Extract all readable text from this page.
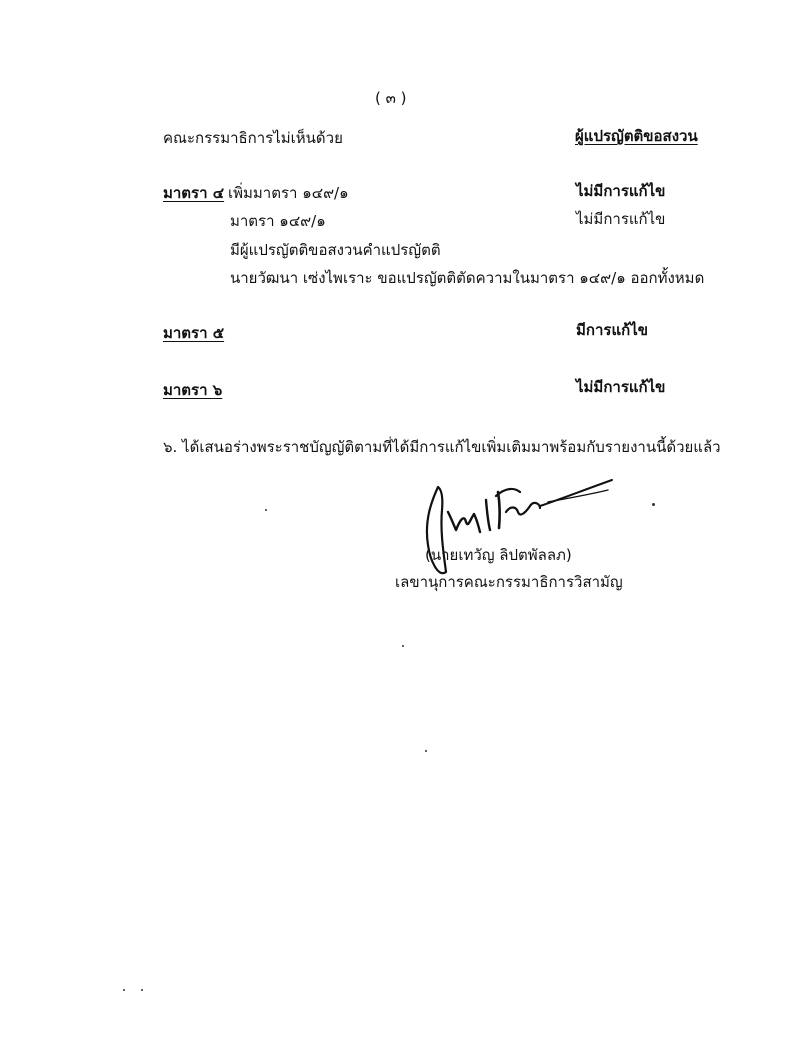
( ๓ )
คณะกรรมาธิการไม่เห็นด้วย	ผู้แปรญัตติขอสงวน
มาตรา ๔ เพิ่มมาตรา ๑๔๙/๑	ไม่มีการแก้ไข
มาตรา ๑๔๙/๑	ไม่มีการแก้ไข
มีผู้แปรญัตติขอสงวนคำแปรญัตติ
นายวัฒนา เซ่งไพเราะ ขอแปรญัตติตัดความในมาตรา ๑๔๙/๑ ออกทั้งหมด
มาตรา ๕	มีการแก้ไข
มาตรา ๖	ไม่มีการแก้ไข
๖. ได้เสนอร่างพระราชบัญญัติตามที่ได้มีการแก้ไขเพิ่มเติมมาพร้อมกับรายงานนี้ด้วยแล้ว
(นายเทวัญ ลิปตพัลลภ)
เลขานุการคณะกรรมาธิการวิสามัญ
